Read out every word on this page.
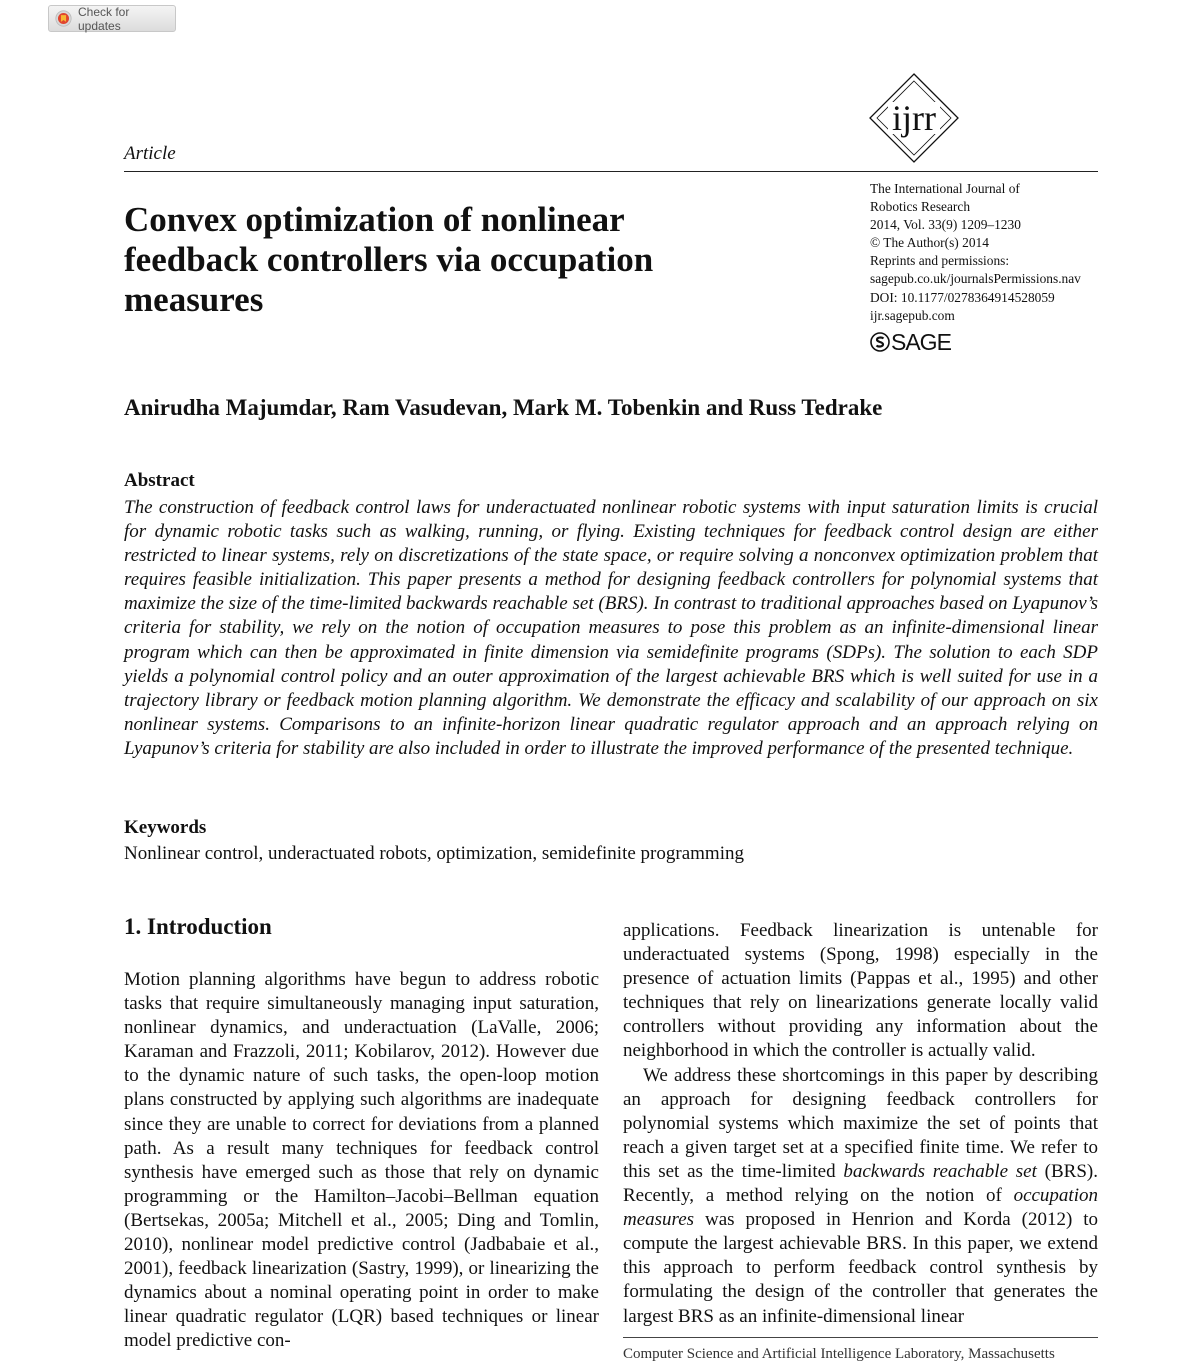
Check for updates
Article
ijrr
Convex optimization of nonlinear feedback controllers via occupation measures
The International Journal of
Robotics Research
2014, Vol. 33(9) 1209–1230
© The Author(s) 2014
Reprints and permissions:
sagepub.co.uk/journalsPermissions.nav
DOI: 10.1177/0278364914528059
ijr.sagepub.com
SAGE
Anirudha Majumdar, Ram Vasudevan, Mark M. Tobenkin and Russ Tedrake
Abstract

The construction of feedback control laws for underactuated nonlinear robotic systems with input saturation limits is crucial for dynamic robotic tasks such as walking, running, or flying. Existing techniques for feedback control design are either restricted to linear systems, rely on discretizations of the state space, or require solving a nonconvex optimization problem that requires feasible initialization. This paper presents a method for designing feedback controllers for polynomial systems that maximize the size of the time-limited backwards reachable set (BRS). In contrast to traditional approaches based on Lyapunov’s criteria for stability, we rely on the notion of occupation measures to pose this problem as an infinite-dimensional linear program which can then be approximated in finite dimension via semidefinite programs (SDPs). The solution to each SDP yields a polynomial control policy and an outer approximation of the largest achievable BRS which is well suited for use in a trajectory library or feedback motion planning algorithm. We demonstrate the efficacy and scalability of our approach on six nonlinear systems. Comparisons to an infinite-horizon linear quadratic regulator approach and an approach relying on Lyapunov’s criteria for stability are also included in order to illustrate the improved performance of the presented technique.

Keywords
Nonlinear control, underactuated robots, optimization, semidefinite programming
1. Introduction

Motion planning algorithms have begun to address robotic tasks that require simultaneously managing input saturation, nonlinear dynamics, and underactuation (LaValle, 2006; Karaman and Frazzoli, 2011; Kobilarov, 2012). However due to the dynamic nature of such tasks, the open-loop motion plans constructed by applying such algorithms are inadequate since they are unable to correct for deviations from a planned path. As a result many techniques for feedback control synthesis have emerged such as those that rely on dynamic programming or the Hamilton–Jacobi–Bellman equation (Bertsekas, 2005a; Mitchell et al., 2005; Ding and Tomlin, 2010), nonlinear model predictive control (Jadbabaie et al., 2001), feedback linearization (Sastry, 1999), or linearizing the dynamics about a nominal operating point in order to make linear quadratic regulator (LQR) based techniques or linear model predictive con-

applications. Feedback linearization is untenable for underactuated systems (Spong, 1998) especially in the presence of actuation limits (Pappas et al., 1995) and other techniques that rely on linearizations generate locally valid controllers without providing any information about the neighborhood in which the controller is actually valid.

We address these shortcomings in this paper by describing an approach for designing feedback controllers for polynomial systems which maximize the set of points that reach a given target set at a specified finite time. We refer to this set as the time-limited backwards reachable set (BRS). Recently, a method relying on the notion of occupation measures was proposed in Henrion and Korda (2012) to compute the largest achievable BRS. In this paper, we extend this approach to perform feedback control synthesis by formulating the design of the controller that generates the largest BRS as an infinite-dimensional linear

Computer Science and Artificial Intelligence Laboratory, Massachusetts
